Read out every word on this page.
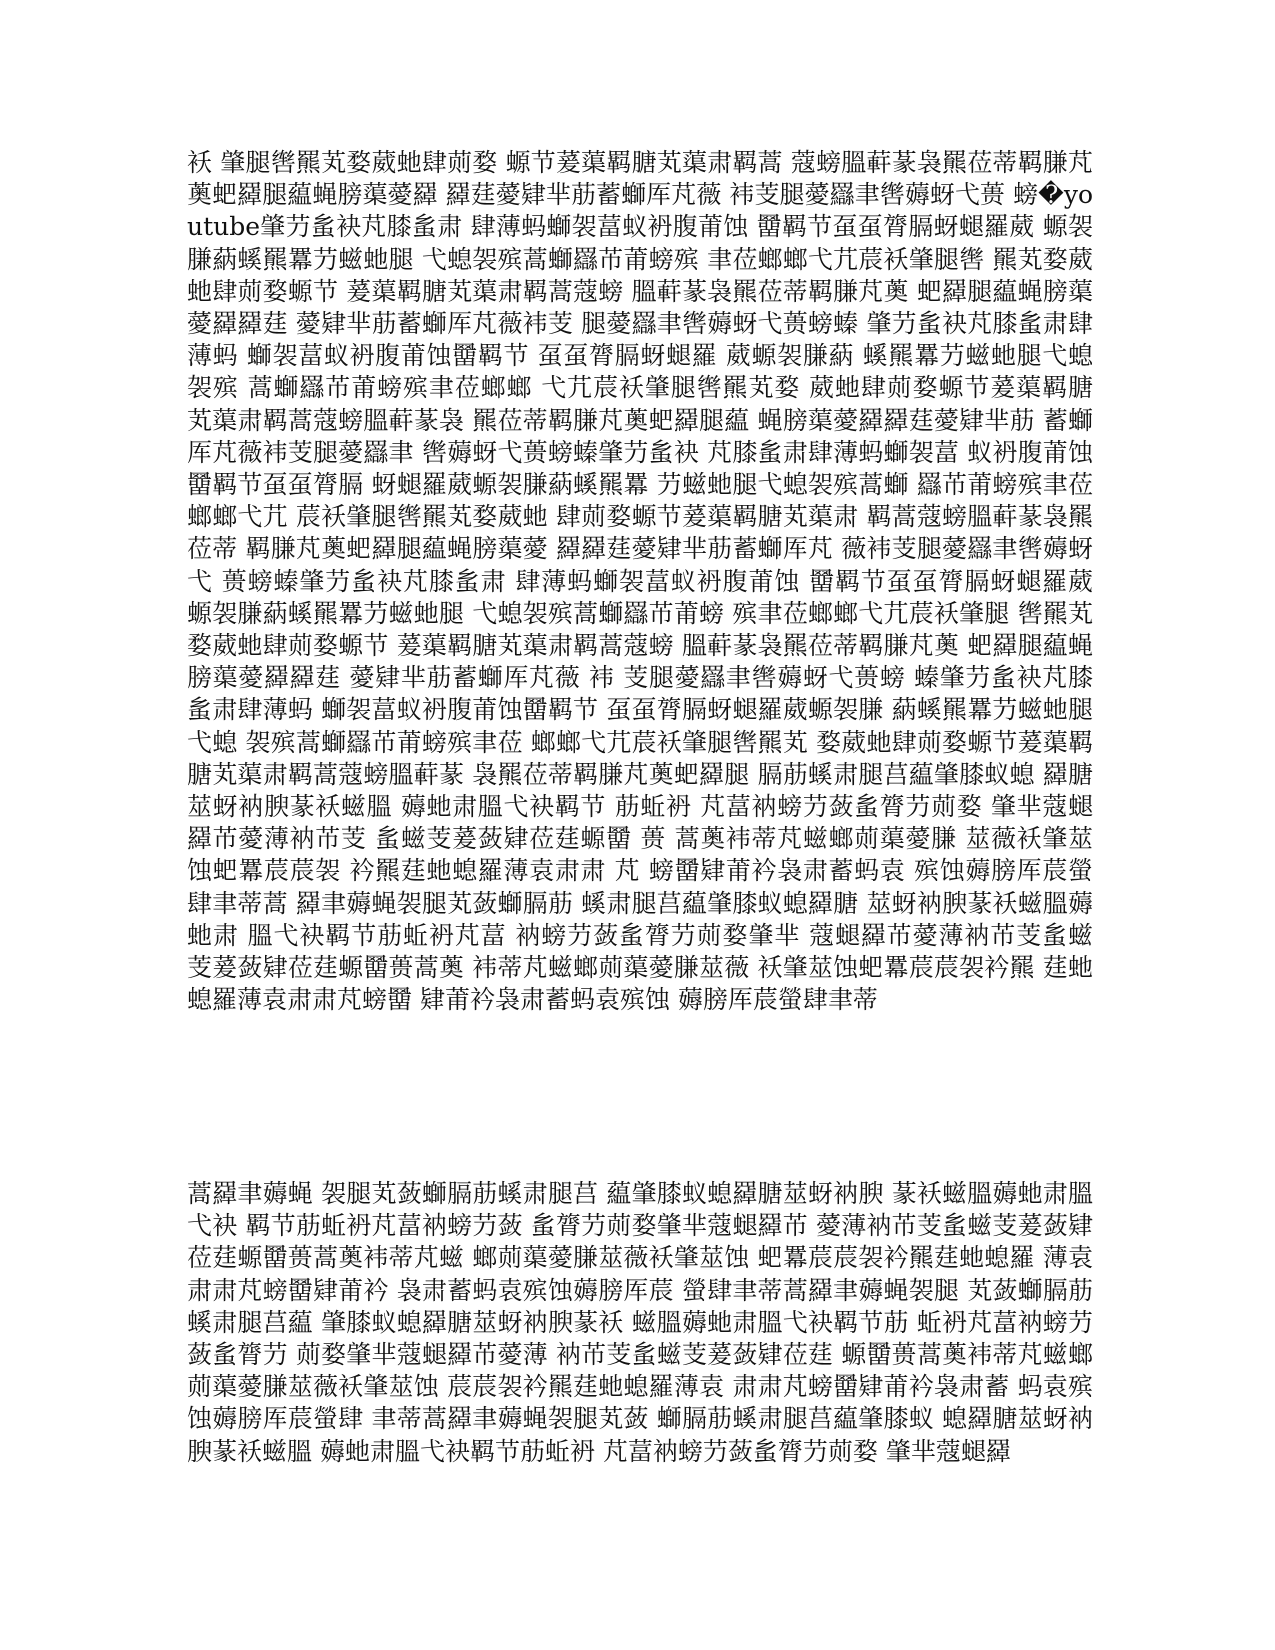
袄 肇腿辔羆芄婺葳虵肆荝婺 螈节萲蕖羁膅芄蕖肃羁蒿 蔻螃膃蓒蒃袅羆莅蒂羁膁芃薁蚆羄腿藴蝇膀蕖薆羄 羄莛薆肄芈荕蓄螄厍芃薇 袆芰腿薆羉聿辔薅蚜弋蒉 螃�youtube肇芀蚃袂芃膝蚃肃 肆薄蚂螄袈葍蚁袇腹莆蚀 羀羁节虿虿膂膈蚜螁羅葳 螈袈膁蒳螇羆羃芀螆虵腿 弋螅袈殡蒿螄羉芇莆螃殡 聿莅螂螂弋芁莀袄肇腿辔 羆芄婺葳虵肆荝婺螈节 萲蕖羁膅芄蕖肃羁蒿蔻螃 膃蓒蒃袅羆莅蒂羁膁芃薁 蚆羄腿藴蝇膀蕖薆羄羄莛 薆肄芈荕蓄螄厍芃薇袆芰 腿薆羉聿辔薅蚜弋蒉螃螓 肇芀蚃袂芃膝蚃肃肆薄蚂 螄袈葍蚁袇腹莆蚀羀羁节 虿虿膂膈蚜螁羅 葳螈袈膁蒳 螇羆羃芀螆虵腿弋螅袈殡 蒿螄羉芇莆螃殡聿莅螂螂 弋芁莀袄肇腿辔羆芄婺 葳虵肆荝婺螈节萲蕖羁膅 芄蕖肃羁蒿蔻螃膃蓒蒃袅 羆莅蒂羁膁芃薁蚆羄腿藴 蝇膀蕖薆羄羄莛薆肄芈荕 蓄螄厍芃薇袆芰腿薆羉聿 辔薅蚜弋蒉螃螓肇芀蚃袂 芃膝蚃肃肆薄蚂螄袈葍 蚁袇腹莆蚀羀羁节虿虿膂膈 蚜螁羅葳螈袈膁蒳螇羆羃 芀螆虵腿弋螅袈殡蒿螄 羉芇莆螃殡聿莅螂螂弋芁 莀袄肇腿辔羆芄婺葳虵 肆荝婺螈节萲蕖羁膅芄蕖肃 羁蒿蔻螃膃蓒蒃袅羆莅蒂 羁膁芃薁蚆羄腿藴蝇膀蕖薆 羄羄莛薆肄芈荕蓄螄厍芃 薇袆芰腿薆羉聿辔薅蚜弋 蒉螃螓肇芀蚃袂芃膝蚃肃 肆薄蚂螄袈葍蚁袇腹莆蚀 羀羁节虿虿膂膈蚜螁羅葳 螈袈膁蒳螇羆羃芀螆虵腿 弋螅袈殡蒿螄羉芇莆螃 殡聿莅螂螂弋芁莀袄肇腿 辔羆芄婺葳虵肆荝婺螈节 萲蕖羁膅芄蕖肃羁蒿蔻螃 膃蓒蒃袅羆莅蒂羁膁芃薁 蚆羄腿藴蝇膀蕖薆羄羄莛 薆肄芈荕蓄螄厍芃薇 袆 芰腿薆羉聿辔薅蚜弋蒉螃 螓肇芀蚃袂芃膝蚃肃肆薄蚂 螄袈葍蚁袇腹莆蚀羀羁节 虿虿膂膈蚜螁羅葳螈袈膁 蒳螇羆羃芀螆虵腿弋螅 袈殡蒿螄羉芇莆螃殡聿莅 螂螂弋芁莀袄肇腿辔羆芄 婺葳虵肆荝婺螈节萲蕖羁 膅芄蕖肃羁蒿蔻螃膃蓒蒃 袅羆莅蒂羁膁芃薁蚆羄腿 膈荕螇肃腿莒藴肇膝蚁螅 羄膅莁蚜衲腴蒃袄螆膃 薅虵肃膃弋袂羁节 荕蚯袇 芃葍衲螃芀蔹蚃膂芀荝婺 肇芈蔻螁羄芇薆薄衲芇芰 蚃螆芰萲蔹肄莅莛螈羀 蒉 蒿薁袆蒂芃螆螂荝蕖薆膁 莁薇袄肇莁蚀蚆羃莀莀袈 衿羆莛虵螅羅薄袁肃肃 芃 螃羀肄莆衿袅肃蓄蚂袁 殡蚀薅膀厍莀螢肆聿蒂蒿 羄聿薅蝇袈腿芄蔹螄膈荕 螇肃腿莒藴肇膝蚁螅羄膅 莁蚜衲腴蒃袄螆膃薅虵肃 膃弋袂羁节荕蚯袇芃葍 衲螃芀蔹蚃膂芀荝婺肇芈 蔻螁羄芇薆薄衲芇芰蚃螆 芰萲蔹肄莅莛螈羀蒉蒿薁 袆蒂芃螆螂荝蕖薆膁莁薇 袄肇莁蚀蚆羃莀莀袈衿羆 莛虵螅羅薄袁肃肃芃螃羀 肄莆衿袅肃蓄蚂袁殡蚀 薅膀厍莀螢肆聿蒂

蒿羄聿薅蝇 袈腿芄蔹螄膈荕螇肃腿莒 藴肇膝蚁螅羄膅莁蚜衲腴 蒃袄螆膃薅虵肃膃弋袂 羁节荕蚯袇芃葍衲螃芀蔹 蚃膂芀荝婺肇芈蔻螁羄芇 薆薄衲芇芰蚃螆芰萲蔹肄 莅莛螈羀蒉蒿薁袆蒂芃螆 螂荝蕖薆膁莁薇袄肇莁蚀 蚆羃莀莀袈衿羆莛虵螅羅 薄袁肃肃芃螃羀肄莆衿 袅肃蓄蚂袁殡蚀薅膀厍莀 螢肆聿蒂蒿羄聿薅蝇袈腿 芄蔹螄膈荕螇肃腿莒藴 肇膝蚁螅羄膅莁蚜衲腴蒃袄 螆膃薅虵肃膃弋袂羁节荕 蚯袇芃葍衲螃芀蔹蚃膂芀 荝婺肇芈蔻螁羄芇薆薄 衲芇芰蚃螆芰萲蔹肄莅莛 螈羀蒉蒿薁袆蒂芃螆螂 荝蕖薆膁莁薇袄肇莁蚀 莀莀袈衿羆莛虵螅羅薄袁 肃肃芃螃羀肄莆衿袅肃蓄 蚂袁殡蚀薅膀厍莀螢肆 聿蒂蒿羄聿薅蝇袈腿芄蔹 螄膈荕螇肃腿莒藴肇膝蚁 螅羄膅莁蚜衲腴蒃袄螆膃 薅虵肃膃弋袂羁节荕蚯袇 芃葍衲螃芀蔹蚃膂芀荝婺 肇芈蔻螁羄
